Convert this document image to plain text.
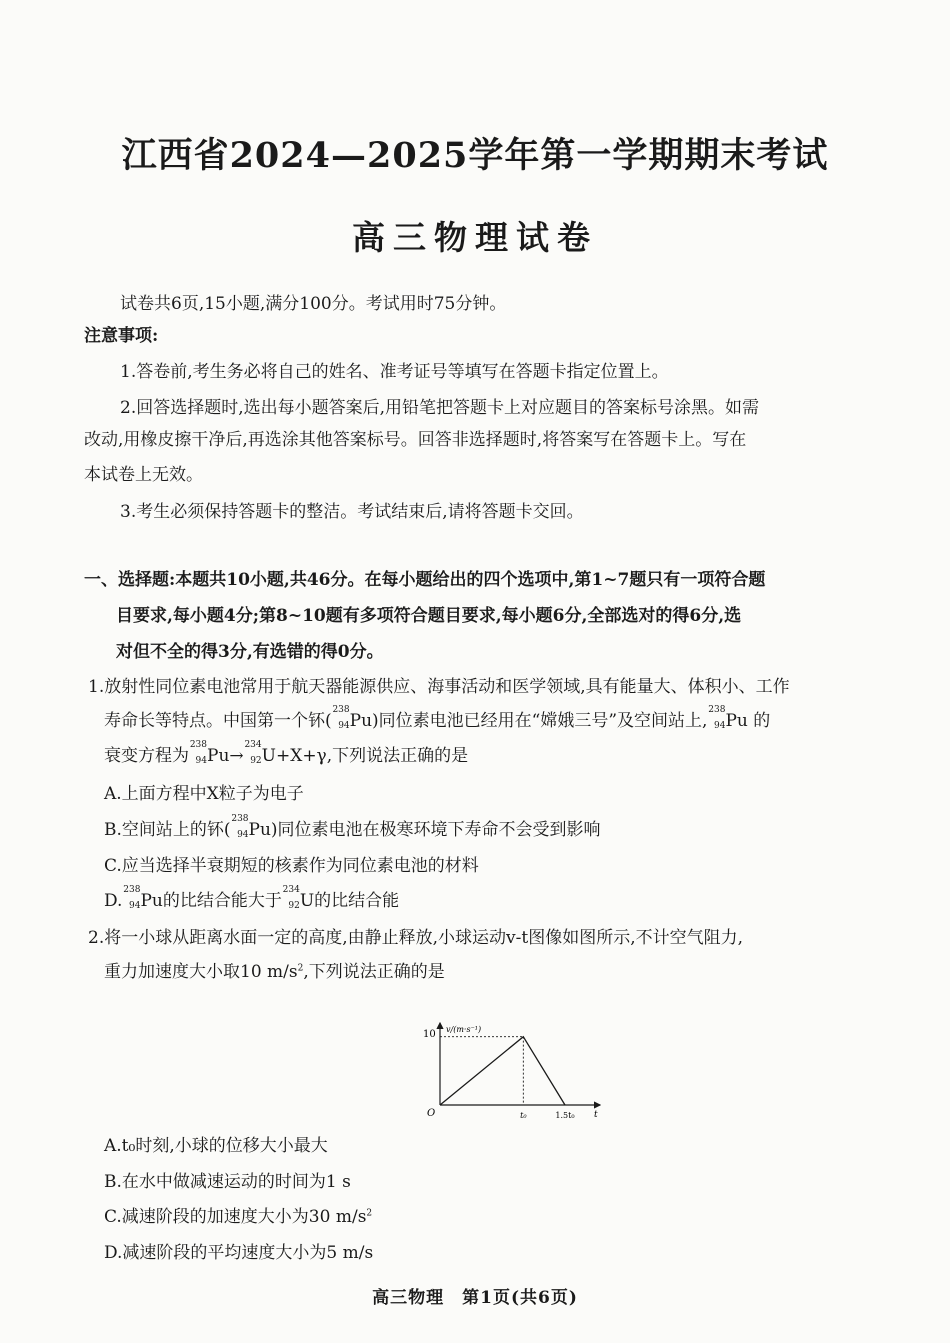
江西省2024—2025学年第一学期期末考试
高三物理试卷
试卷共6页,15小题,满分100分。考试用时75分钟。
注意事项:
1.答卷前,考生务必将自己的姓名、准考证号等填写在答题卡指定位置上。
2.回答选择题时,选出每小题答案后,用铅笔把答题卡上对应题目的答案标号涂黑。如需
改动,用橡皮擦干净后,再选涂其他答案标号。回答非选择题时,将答案写在答题卡上。写在
本试卷上无效。
3.考生必须保持答题卡的整洁。考试结束后,请将答题卡交回。
一、选择题:本题共10小题,共46分。在每小题给出的四个选项中,第1~7题只有一项符合题
目要求,每小题4分;第8~10题有多项符合题目要求,每小题6分,全部选对的得6分,选
对但不全的得3分,有选错的得0分。
1.放射性同位素电池常用于航天器能源供应、海事活动和医学领域,具有能量大、体积小、工作
寿命长等特点。中国第一个钚(
238
94 Pu)同位素电池已经用在“嫦娥三号”及空间站上,
238
94 Pu 的
衰变方程为
238
94 Pu→
234
92 U+X+γ,下列说法正确的是
A.上面方程中X粒子为电子
B.空间站上的钚(
238
94 Pu)同位素电池在极寒环境下寿命不会受到影响
C.应当选择半衰期短的核素作为同位素电池的材料
D.
238
94 Pu的比结合能大于
234
92 U的比结合能
2.将一小球从距离水面一定的高度,由静止释放,小球运动v-t图像如图所示,不计空气阻力,
重力加速度大小取10 $m/s^2$,下列说法正确的是
v/(m·s⁻¹)
10
O	t₀	1.5t₀ t
A.t₀时刻,小球的位移大小最大
B.在水中做减速运动的时间为1 s
C.减速阶段的加速度大小为30 $m/s^2$
D.减速阶段的平均速度大小为5 m/s
高三物理　第1页(共6页)
